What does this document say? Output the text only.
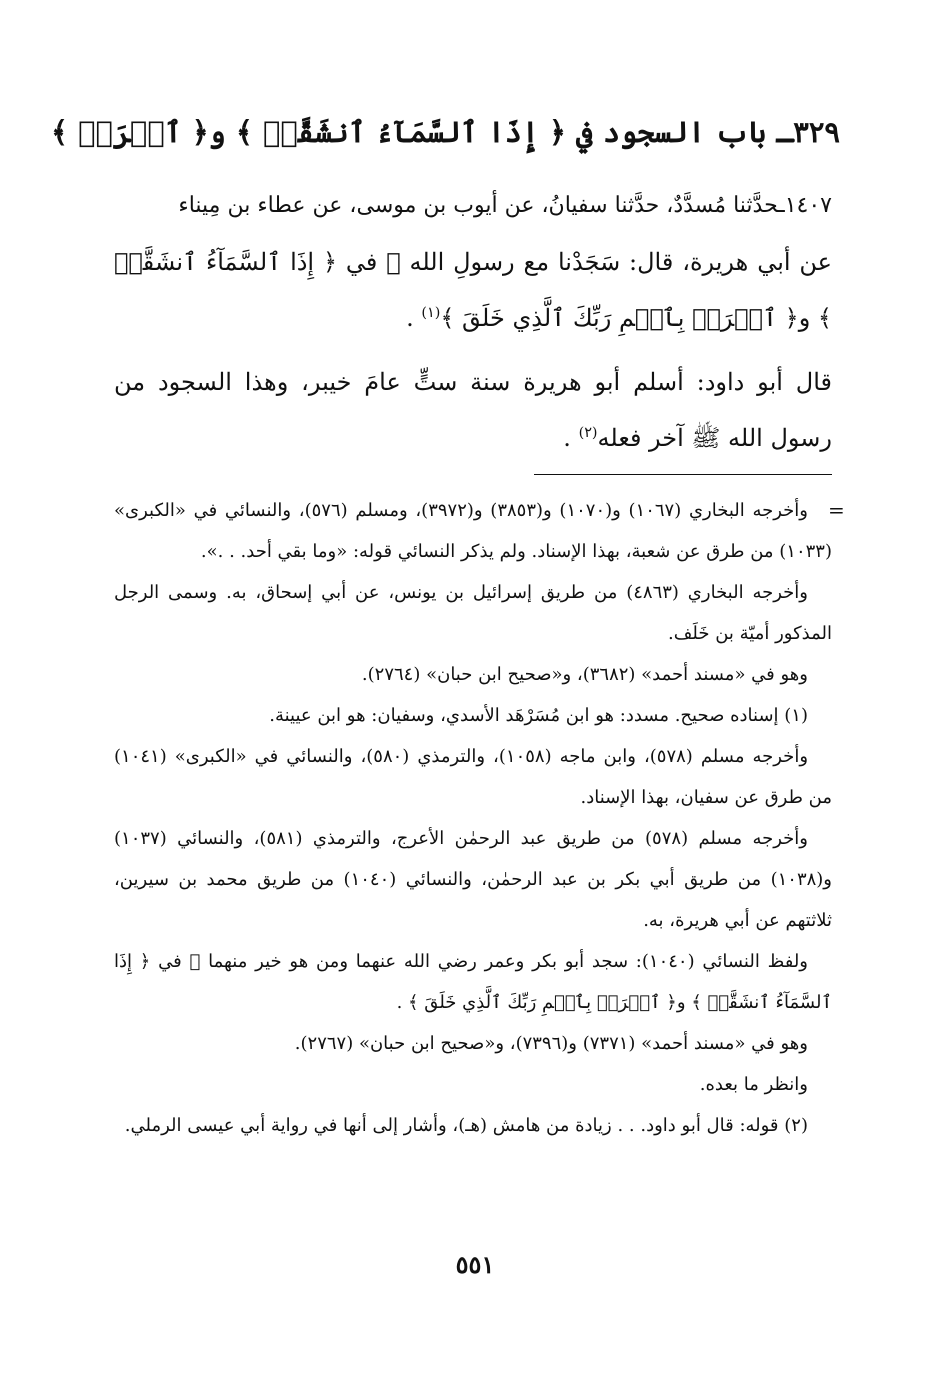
٣٢٩ـ باب السجود في ﴿ إِذَا ٱلسَّمَآءُ ٱنشَقَّتۡ ﴾ و﴿ ٱقۡرَأۡ ﴾

١٤٠٧ـحدَّثنا مُسدَّدٌ، حدَّثنا سفيانُ، عن أيوب بن موسى، عن عطاء بن مِيناء

عن أبي هريرة، قال: سَجَدْنا مع رسولِ الله ﷺ في ﴿ إِذَا ٱلسَّمَآءُ ٱنشَقَّتۡ ﴾ و﴿ ٱقۡرَأۡ بِٱسۡمِ رَبِّكَ ٱلَّذِي خَلَقَ ﴾$^{(١)}$ .

قال أبو داود: أسلم أبو هريرة سنة ستٍّ عامَ خيبر، وهذا السجود من رسول الله ﷺ آخر فعله$^{(٢)}$ .

=

وأخرجه البخاري (١٠٦٧) و(١٠٧٠) و(٣٨٥٣) و(٣٩٧٢)، ومسلم (٥٧٦)، والنسائي في «الكبرى» (١٠٣٣) من طرق عن شعبة، بهذا الإسناد. ولم يذكر النسائي قوله: «وما بقي أحد. . .».

وأخرجه البخاري (٤٨٦٣) من طريق إسرائيل بن يونس، عن أبي إسحاق، به. وسمى الرجل المذكور أميّة بن خَلَف.

وهو في «مسند أحمد» (٣٦٨٢)، و«صحيح ابن حبان» (٢٧٦٤).

(١) إسناده صحيح. مسدد: هو ابن مُسَرْهَد الأسدي، وسفيان: هو ابن عيينة.

وأخرجه مسلم (٥٧٨)، وابن ماجه (١٠٥٨)، والترمذي (٥٨٠)، والنسائي في «الكبرى» (١٠٤١) من طرق عن سفيان، بهذا الإسناد.

وأخرجه مسلم (٥٧٨) من طريق عبد الرحمٰن الأعرج، والترمذي (٥٨١)، والنسائي (١٠٣٧) و(١٠٣٨) من طريق أبي بكر بن عبد الرحمٰن، والنسائي (١٠٤٠) من طريق محمد بن سيرين، ثلاثتهم عن أبي هريرة، به.

ولفظ النسائي (١٠٤٠): سجد أبو بكر وعمر رضي الله عنهما ومن هو خير منهما ﷺ في ﴿ إِذَا ٱلسَّمَآءُ ٱنشَقَّتۡ ﴾ و﴿ ٱقۡرَأۡ بِٱسۡمِ رَبِّكَ ٱلَّذِي خَلَقَ ﴾ .

وهو في «مسند أحمد» (٧٣٧١) و(٧٣٩٦)، و«صحيح ابن حبان» (٢٧٦٧).

وانظر ما بعده.

(٢) قوله: قال أبو داود. . . زيادة من هامش (هـ)، وأشار إلى أنها في رواية أبي عيسى الرملي.

٥٥١
